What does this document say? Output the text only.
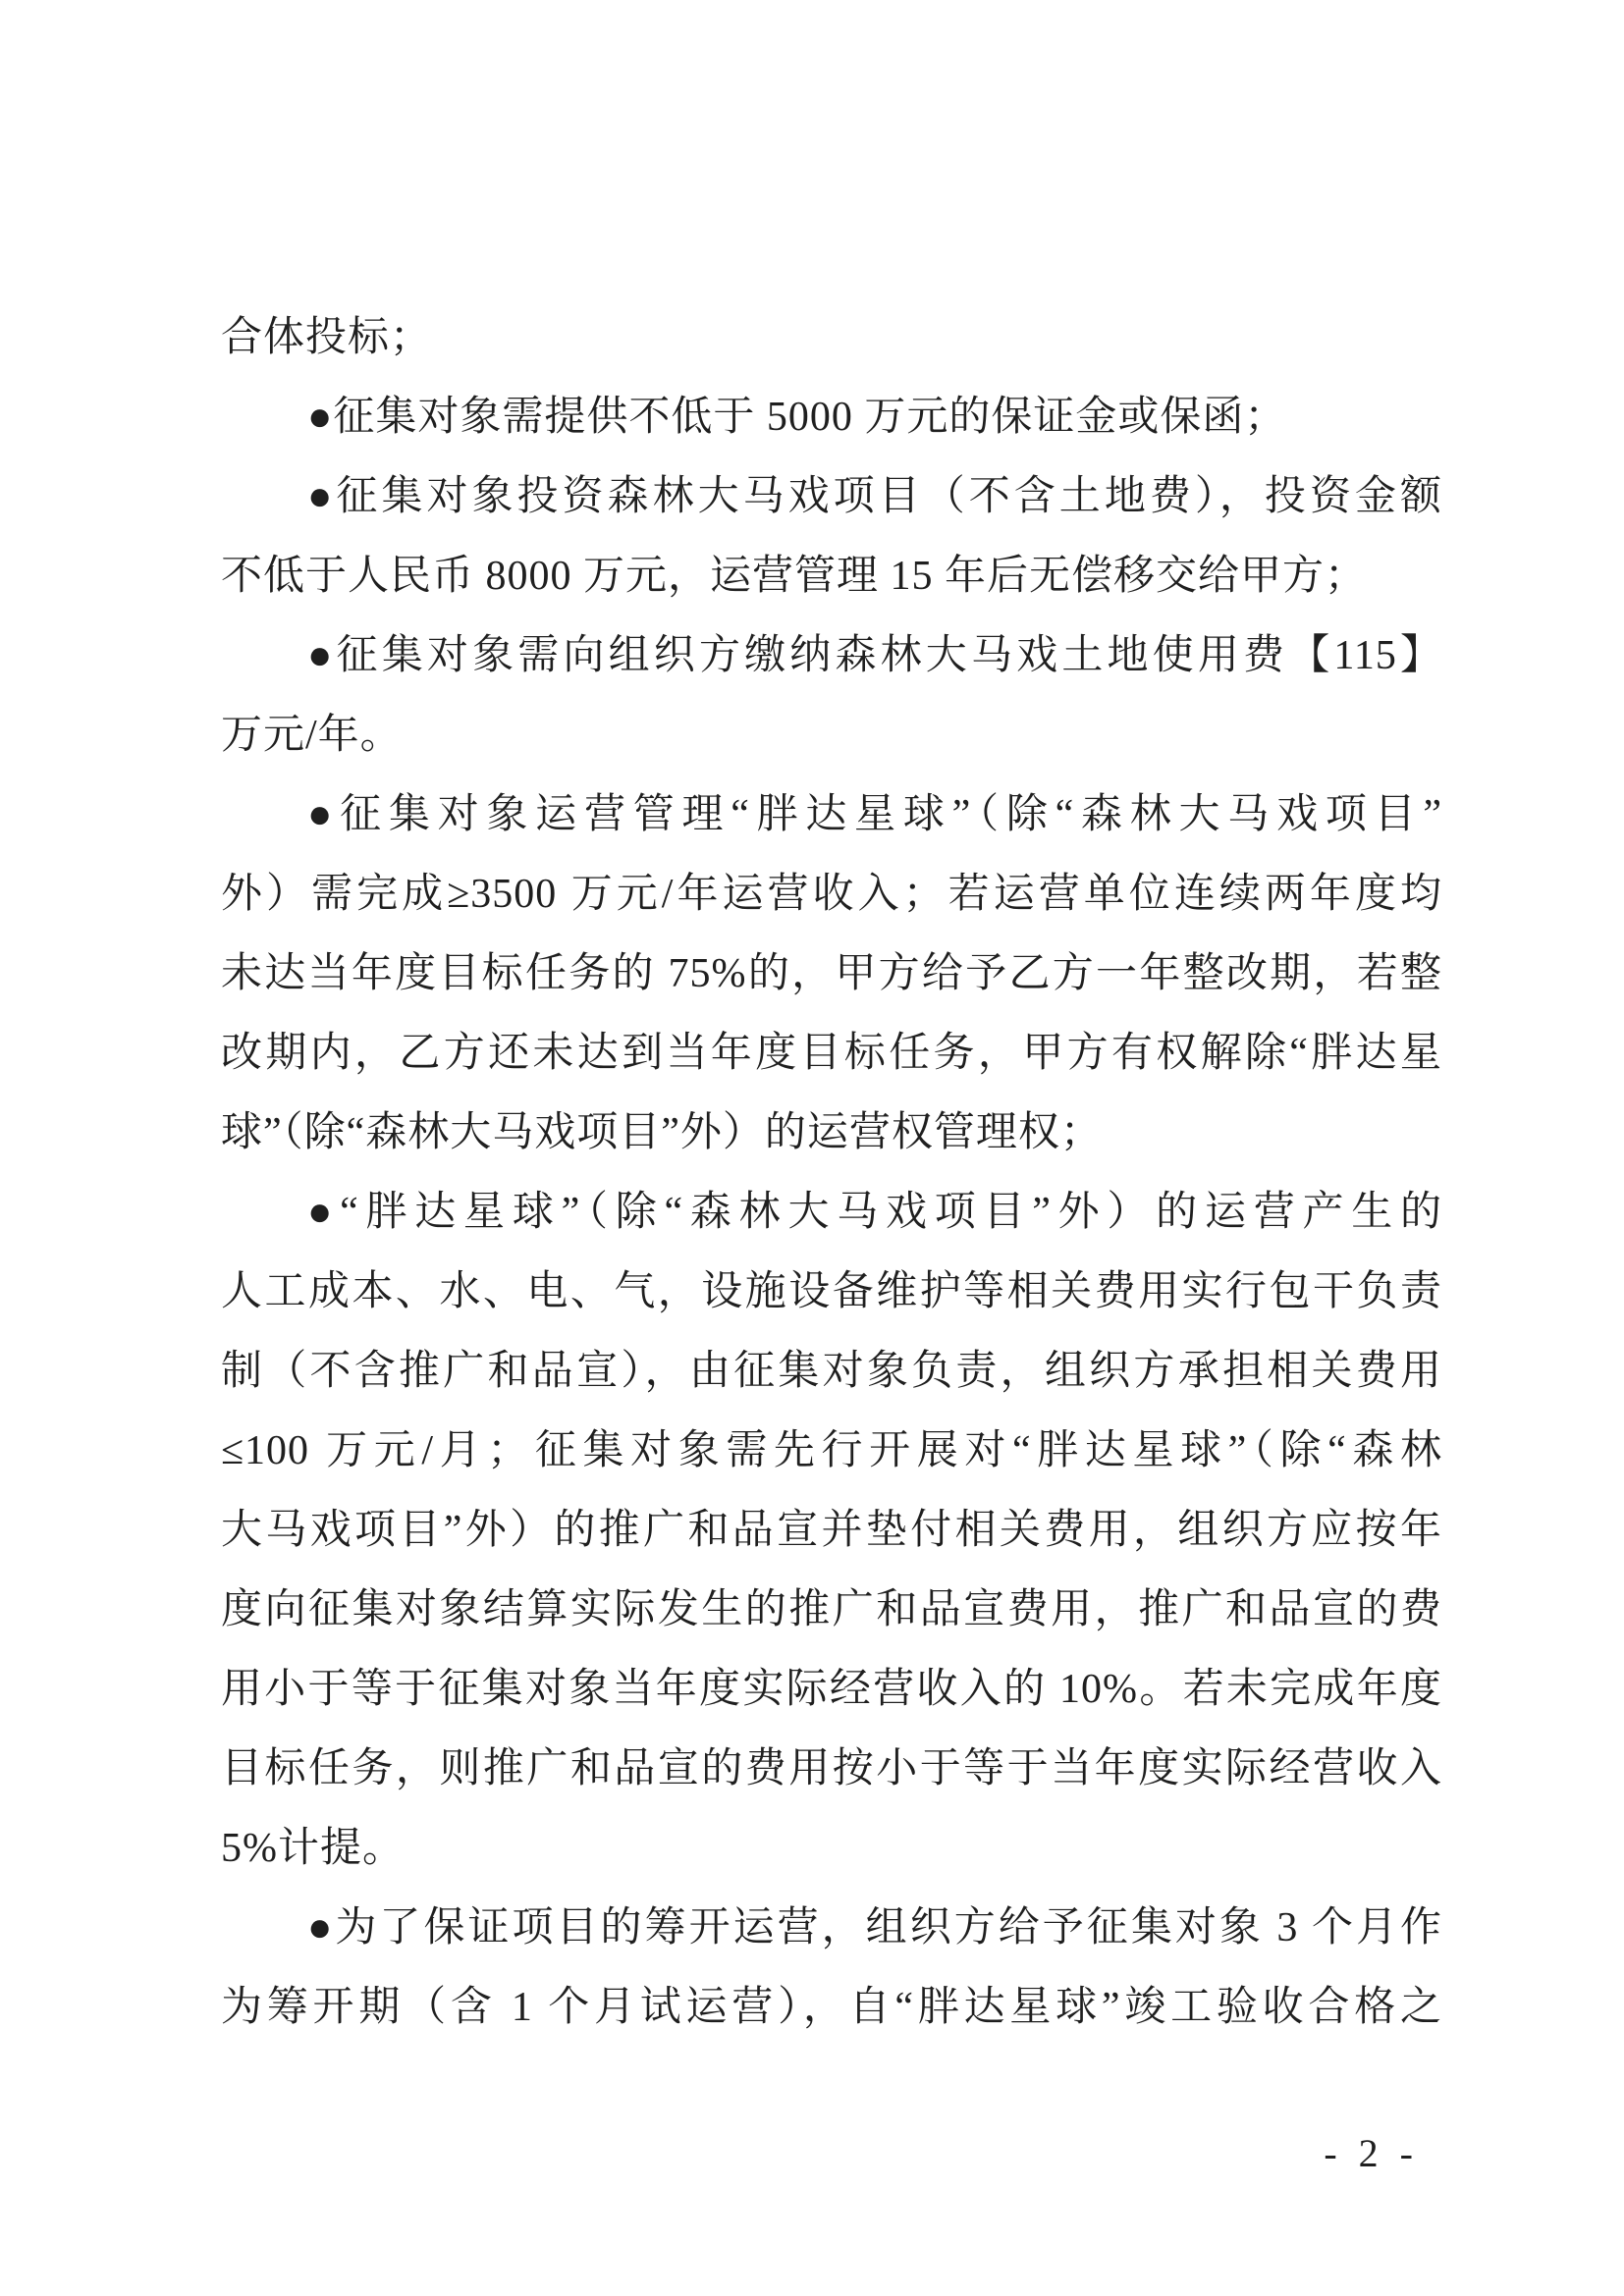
合体投标；
●征集对象需提供不低于 5000 万元的保证金或保函；
●征集对象投资森林大马戏项目（不含土地费），投资金额
不低于人民币 8000 万元，运营管理 15 年后无偿移交给甲方；
●征集对象需向组织方缴纳森林大马戏土地使用费【115】
万元/年。
●征集对象运营管理“胖达星球”（除“森林大马戏项目”
外）需完成≥3500 万元/年运营收入；若运营单位连续两年度均
未达当年度目标任务的 75%的，甲方给予乙方一年整改期，若整
改期内，乙方还未达到当年度目标任务，甲方有权解除“胖达星
球”（除“森林大马戏项目”外）的运营权管理权；
●“胖达星球”（除“森林大马戏项目”外）的运营产生的
人工成本、水、电、气，设施设备维护等相关费用实行包干负责
制（不含推广和品宣），由征集对象负责，组织方承担相关费用
≤100 万元/月；征集对象需先行开展对“胖达星球”（除“森林
大马戏项目”外）的推广和品宣并垫付相关费用，组织方应按年
度向征集对象结算实际发生的推广和品宣费用，推广和品宣的费
用小于等于征集对象当年度实际经营收入的 10%。若未完成年度
目标任务，则推广和品宣的费用按小于等于当年度实际经营收入
5%计提。
●为了保证项目的筹开运营，组织方给予征集对象 3 个月作
为筹开期（含 1 个月试运营），自“胖达星球”竣工验收合格之
- 2 -
